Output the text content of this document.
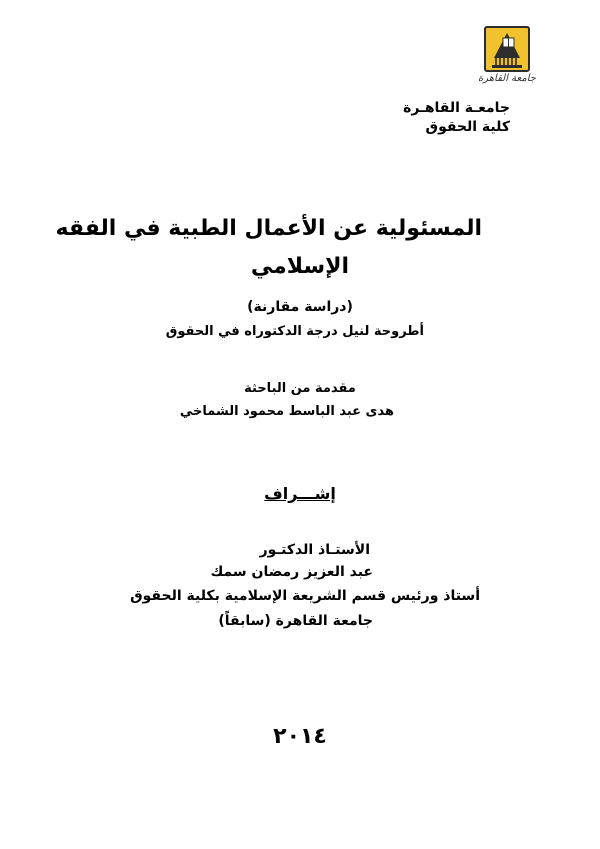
جامعة القاهرة
جامعـة القاهـرة
كلية الحقوق
المسئولية عن الأعمال الطبية في الفقه
الإسلامي
(دراسة مقارنة)
أطروحة لنيل درجة الدكتوراه في الحقوق
مقدمة من الباحثة
هدى عبد الباسط محمود الشماخي
إشـــراف
الأستـاذ الدكتـور
عبد العزيز رمضان سمك
أستاذ ورئيس قسم الشريعة الإسلامية بكلية الحقوق
جامعة القاهرة (سابقاً)
٢٠١٤
